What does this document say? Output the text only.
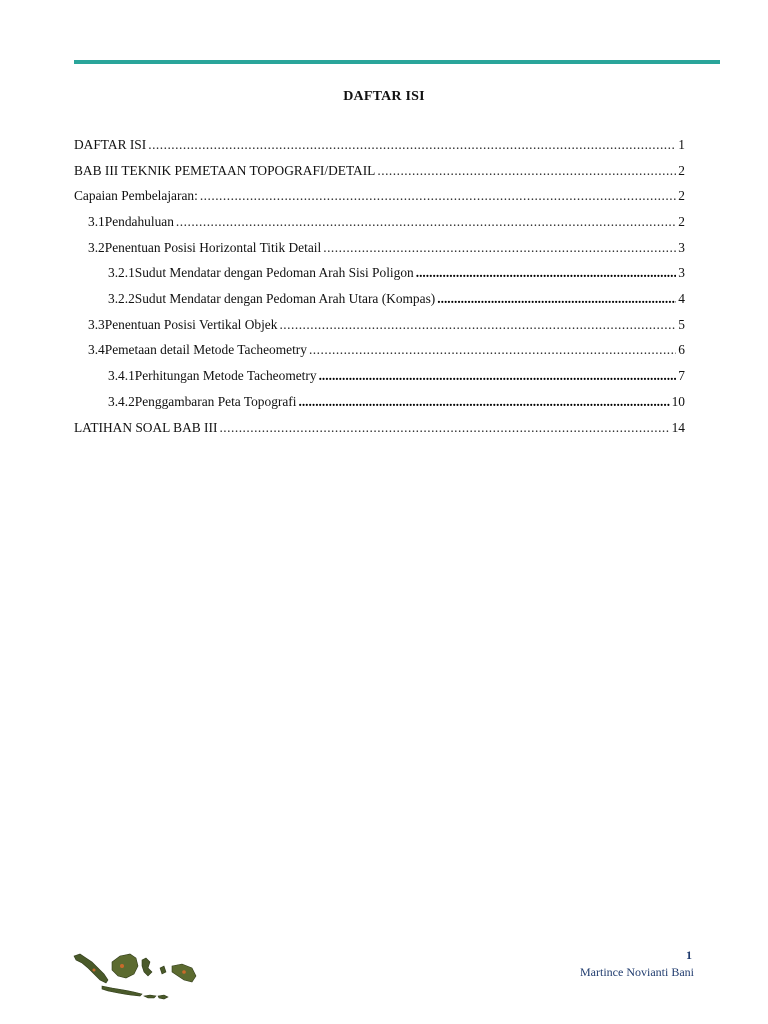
DAFTAR ISI
DAFTAR ISI .....	1
BAB III TEKNIK PEMETAAN TOPOGRAFI/DETAIL .....	2
Capaian Pembelajaran: .....	2
3.1 Pendahuluan .....	2
3.2 Penentuan Posisi Horizontal Titik Detail .....	3
3.2.1 Sudut Mendatar dengan Pedoman Arah Sisi Poligon .....	3
3.2.2 Sudut Mendatar dengan Pedoman Arah Utara (Kompas) .....	4
3.3 Penentuan Posisi Vertikal Objek .....	5
3.4 Pemetaan detail Metode Tacheometry .....	6
3.4.1 Perhitungan Metode Tacheometry .....	7
3.4.2 Penggambaran Peta Topografi .....	10
LATIHAN SOAL BAB III .....	14
1
Martince Novianti Bani
